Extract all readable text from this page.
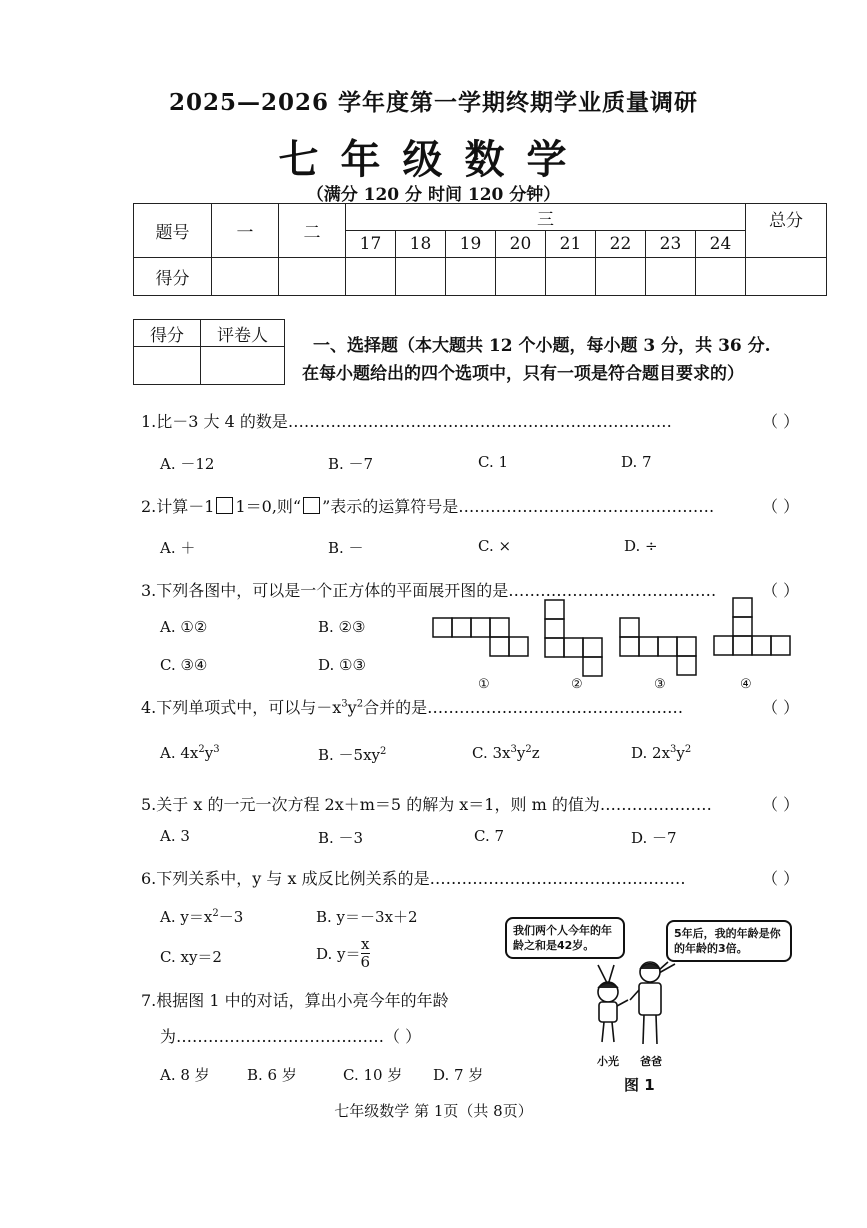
2025—2026 学年度第一学期终期学业质量调研
七年级数学
（满分 120 分 时间 120 分钟）
题号	一	二	三								总分
			17	18	19	20	21	22	23	24	
得分											
得分	评卷人

一、选择题（本大题共 12 个小题，每小题 3 分，共 36 分.
在每小题给出的四个选项中，只有一项是符合题目要求的）
1.比－3 大 4 的数是………………………………………………………………	（ ）
A. －12	B. －7	C. 1	D. 7
2.计算－1 1＝0,则“ ”表示的运算符号是…………………………………………	（ ）
A. ＋	B. －	C. ×	D. ÷
3.下列各图中，可以是一个正方体的平面展开图的是…………………………………	（ ）
A. ①②	B. ②③
C. ③④	D. ①③
①	②	③	④
4.下列单项式中，可以与$-x^3y^2$合并的是…………………………………………	（ ）
A. $4x^2y^3$	B. $-5xy^2$	C. $3x^3y^2z$	D. $2x^3y^2$
5.关于 x 的一元一次方程 2x＋m＝5 的解为 x＝1，则 m 的值为…………………	（ ）
A. 3	B. －3	C. 7	D. －7
6.下列关系中，y 与 x 成反比例关系的是…………………………………………	（ ）
A. $y=x^2-3$	B. y＝－3x＋2
C. xy＝2	D. $y= \frac{x}{6}$
7.根据图 1 中的对话，算出小亮今年的年龄
为…………………………………（ ）
A. 8 岁 B. 6 岁	C. 10 岁 D. 7 岁
我们两个人今年的年龄之和是42岁。
5年后，我的年龄是你的年龄的3倍。
小光 爸爸
图 1
七年级数学 第 1页（共 8页）
